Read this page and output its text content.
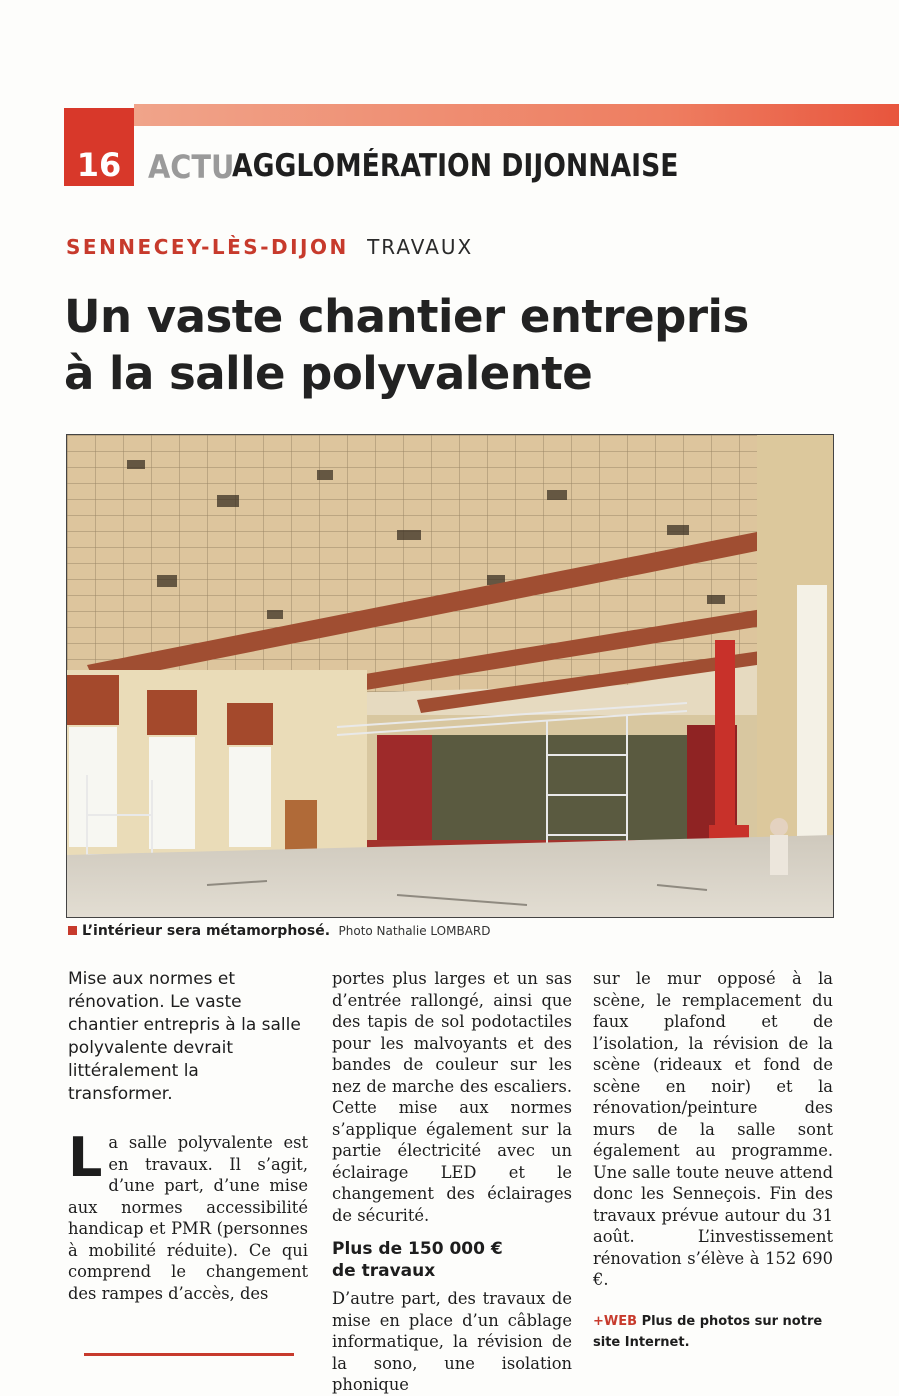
16 ACTU
AGGLOMÉRATION DIJONNAISE
SENNECEY-LÈS-DIJON TRAVAUX
Un vaste chantier entrepris
à la salle polyvalente
L’intérieur sera métamorphosé. Photo Nathalie LOMBARD

Mise aux normes et rénovation. Le vaste chantier entrepris à la salle polyvalente devrait littéralement la transformer.

La salle polyvalente est en travaux. Il s’agit, d’une part, d’une mise aux normes accessibilité handicap et PMR (personnes à mobilité réduite). Ce qui comprend le changement des rampes d’accès, des

portes plus larges et un sas d’entrée rallongé, ainsi que des tapis de sol podotactiles pour les malvoyants et des bandes de couleur sur les nez de marche des escaliers. Cette mise aux normes s’applique également sur la partie électricité avec un éclairage LED et le changement des éclairages de sécurité.

Plus de 150 000 €
de travaux

D’autre part, des travaux de mise en place d’un câblage informatique, la révision de la sono, une isolation phonique

sur le mur opposé à la scène, le remplacement du faux plafond et de l’isolation, la révision de la scène (rideaux et fond de scène en noir) et la rénovation/peinture des murs de la salle sont également au programme. Une salle toute neuve attend donc les Senneçois. Fin des travaux prévue autour du 31 août. L’investissement rénovation s’élève à 152 690 €.

+WEB Plus de photos sur notre site Internet.
